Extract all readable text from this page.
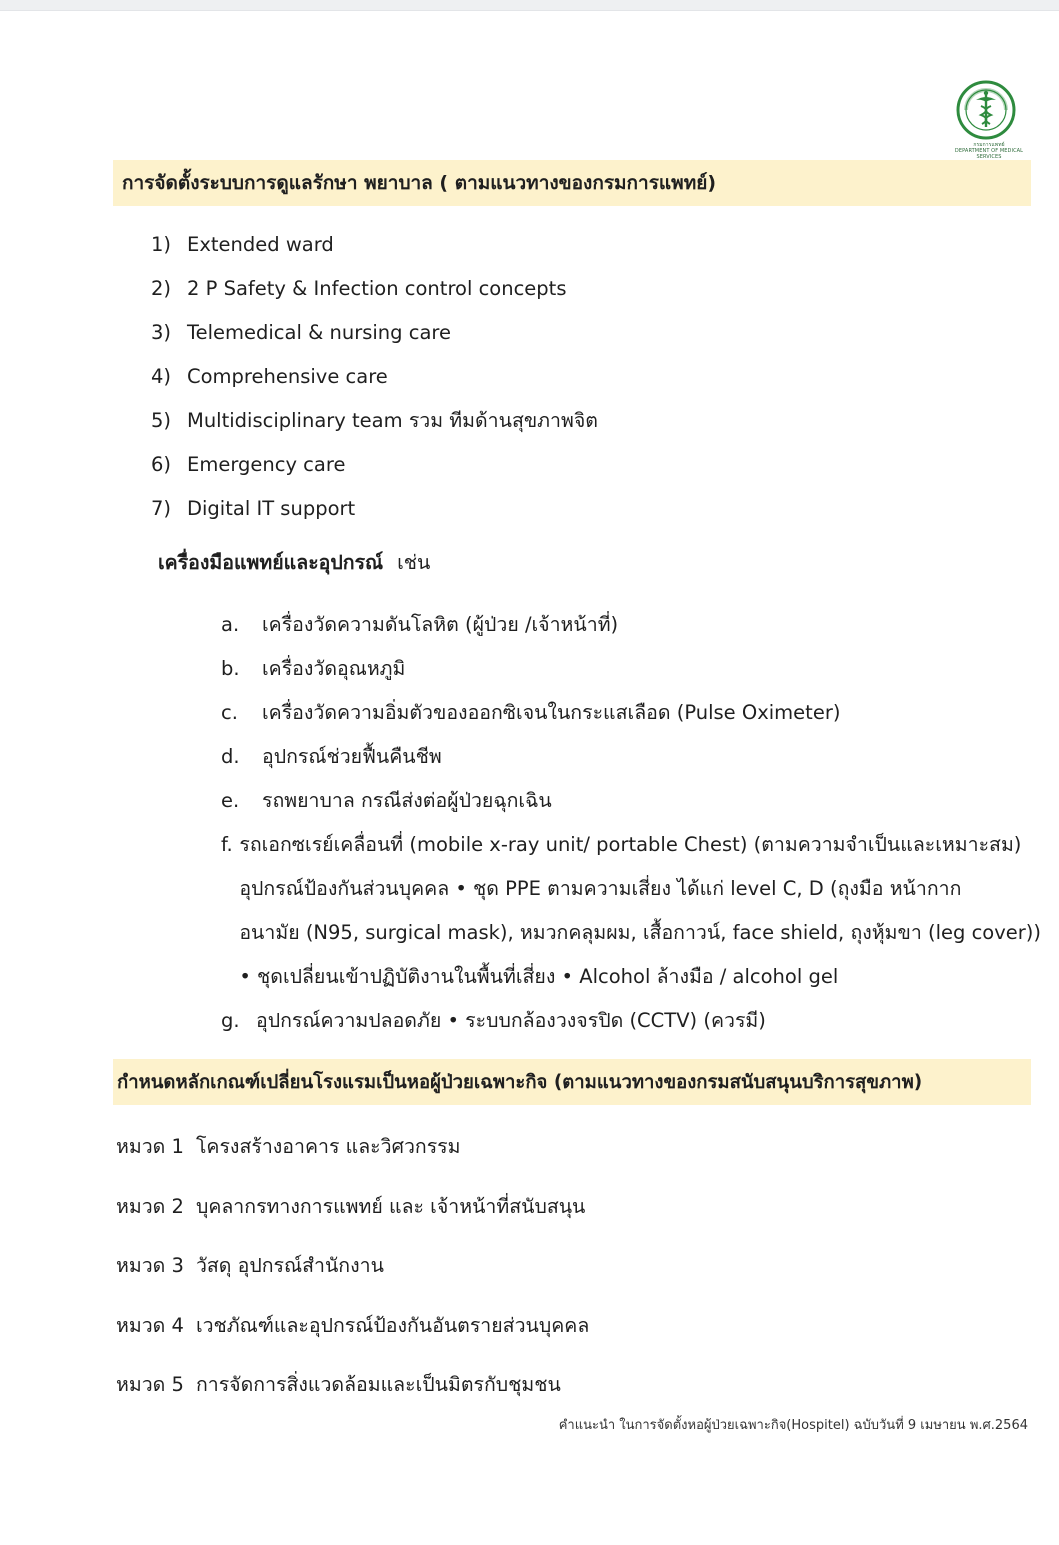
กรมการแพทย์
DEPARTMENT OF MEDICAL SERVICES
การจัดตั้งระบบการดูแลรักษา พยาบาล ( ตามแนวทางของกรมการแพทย์)
1) Extended ward
2) 2 P Safety & Infection control concepts
3) Telemedical & nursing care
4) Comprehensive care
5) Multidisciplinary team รวม ทีมด้านสุขภาพจิต
6) Emergency care
7) Digital IT support
เครื่องมือแพทย์และอุปกรณ์ เช่น
a.	เครื่องวัดความดันโลหิต (ผู้ป่วย /เจ้าหน้าที่)
b.	เครื่องวัดอุณหภูมิ
c.	เครื่องวัดความอิ่มตัวของออกซิเจนในกระแสเลือด (Pulse Oximeter)
d.	อุปกรณ์ช่วยฟื้นคืนชีพ
e.	รถพยาบาล กรณีส่งต่อผู้ป่วยฉุกเฉิน
f. รถเอกซเรย์เคลื่อนที่ (mobile x-ray unit/ portable Chest) (ตามความจำเป็นและเหมาะสม)
อุปกรณ์ป้องกันส่วนบุคคล • ชุด PPE ตามความเสี่ยง ได้แก่ level C, D (ถุงมือ หน้ากาก
อนามัย (N95, surgical mask), หมวกคลุมผม, เสื้อกาวน์, face shield, ถุงหุ้มขา (leg cover))
• ชุดเปลี่ยนเข้าปฏิบัติงานในพื้นที่เสี่ยง • Alcohol ล้างมือ / alcohol gel
g. อุปกรณ์ความปลอดภัย • ระบบกล้องวงจรปิด (CCTV) (ควรมี)
กำหนดหลักเกณฑ์เปลี่ยนโรงแรมเป็นหอผู้ป่วยเฉพาะกิจ (ตามแนวทางของกรมสนับสนุนบริการสุขภาพ)
หมวด 1 โครงสร้างอาคาร และวิศวกรรม
หมวด 2 บุคลากรทางการแพทย์ และ เจ้าหน้าที่สนับสนุน
หมวด 3 วัสดุ อุปกรณ์สำนักงาน
หมวด 4 เวชภัณฑ์และอุปกรณ์ป้องกันอันตรายส่วนบุคคล
หมวด 5 การจัดการสิ่งแวดล้อมและเป็นมิตรกับชุมชน
คำแนะนำ ในการจัดตั้งหอผู้ป่วยเฉพาะกิจ(Hospitel) ฉบับวันที่ 9 เมษายน พ.ศ.2564
